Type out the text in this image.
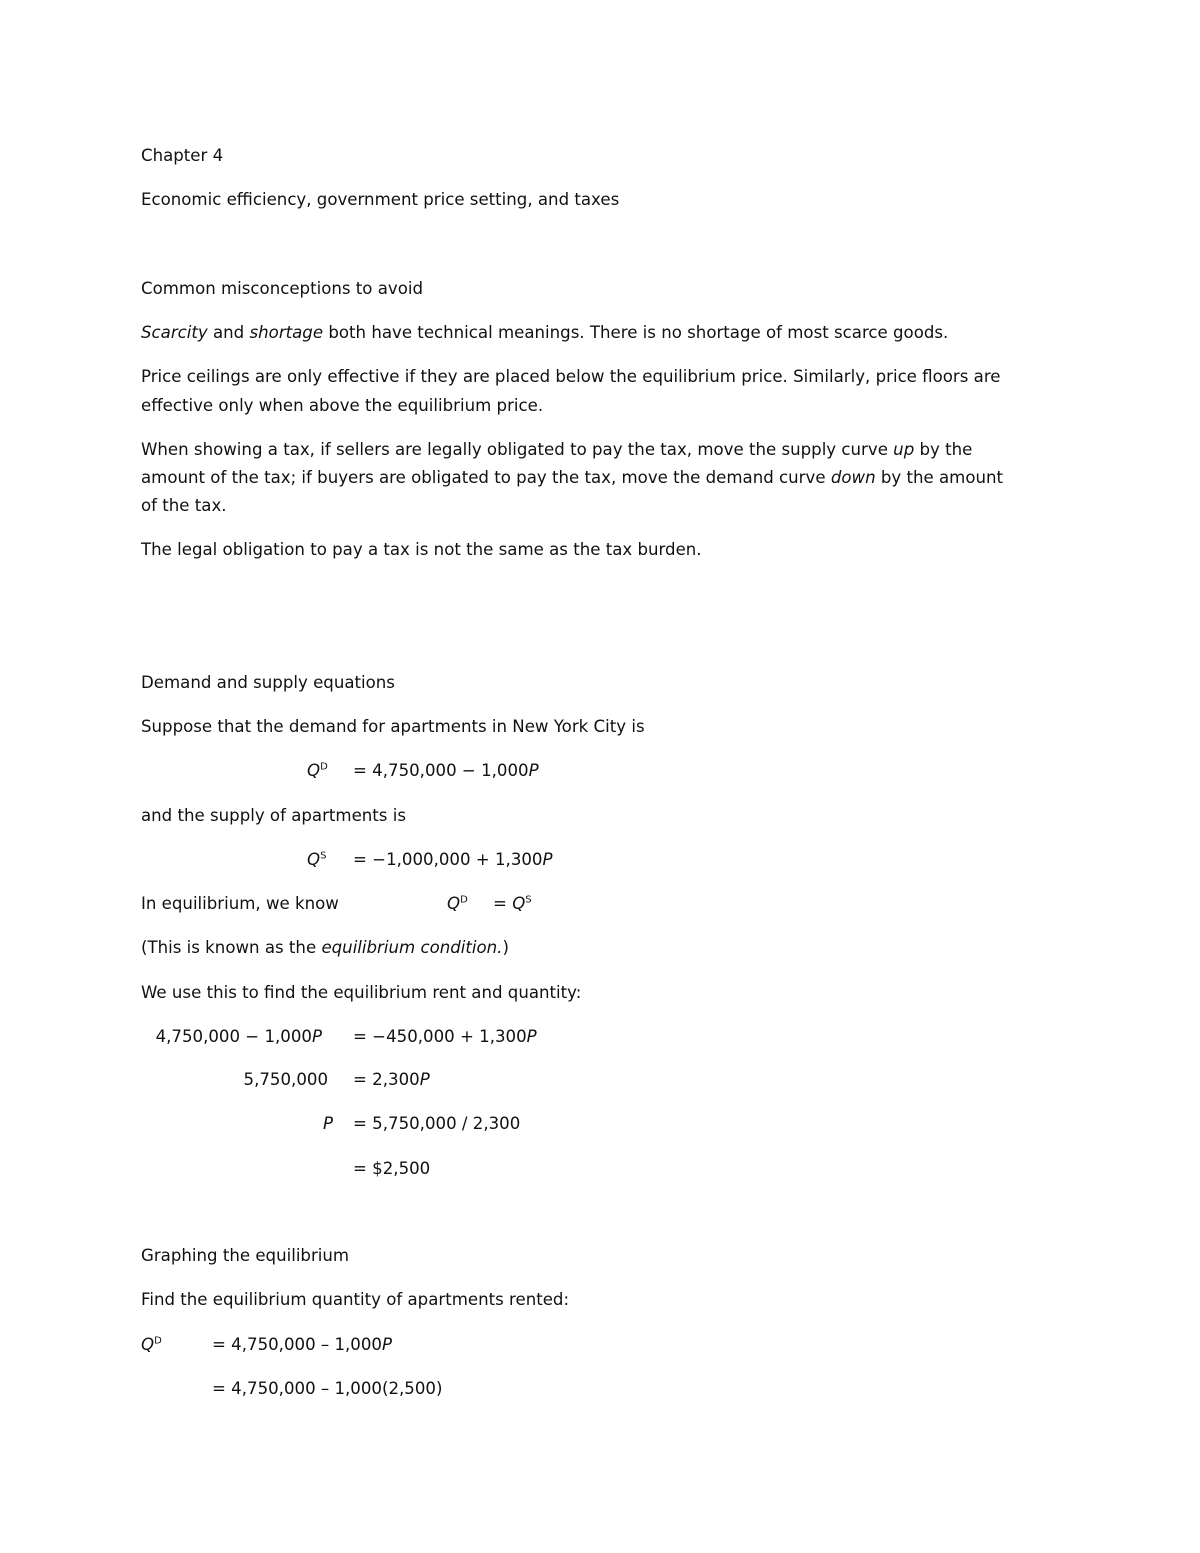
Chapter 4
Economic efficiency, government price setting, and taxes
Common misconceptions to avoid
Scarcity and shortage both have technical meanings. There is no shortage of most scarce goods.
Price ceilings are only effective if they are placed below the equilibrium price. Similarly, price floors are
effective only when above the equilibrium price.
When showing a tax, if sellers are legally obligated to pay the tax, move the supply curve up by the
amount of the tax; if buyers are obligated to pay the tax, move the demand curve down by the amount
of the tax.
The legal obligation to pay a tax is not the same as the tax burden.
Demand and supply equations
Suppose that the demand for apartments in New York City is
$Q^D = 4,750,000 - 1,000P$
and the supply of apartments is
$Q^S = -1,000,000 + 1,300P$
In equilibrium, we know	$Q^D = Q^S$
(This is known as the equilibrium condition.)
We use this to find the equilibrium rent and quantity:
4,750,000 − 1,000P = −450,000 + 1,300P
5,750,000 = 2,300P
P = 5,750,000 / 2,300
= $2,500
Graphing the equilibrium
Find the equilibrium quantity of apartments rented:
$Q^D$	= 4,750,000 – 1,000P
= 4,750,000 – 1,000(2,500)
